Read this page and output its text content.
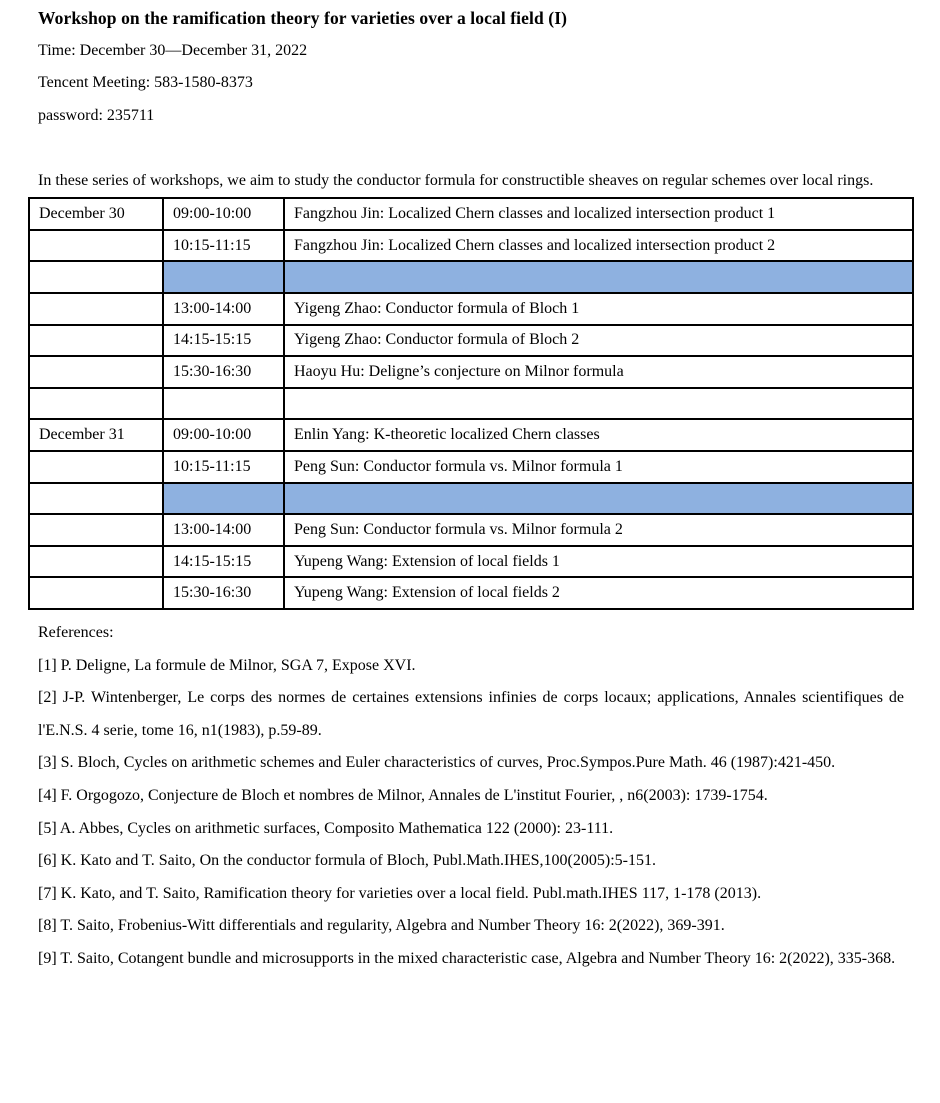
Workshop on the ramification theory for varieties over a local field (I)

Time: December 30—December 31, 2022

Tencent Meeting: 583-1580-8373

password: 235711

In these series of workshops, we aim to study the conductor formula for constructible sheaves on regular schemes over local rings.

December 30	09:00-10:00	Fangzhou Jin: Localized Chern classes and localized intersection product 1
	10:15-11:15	Fangzhou Jin: Localized Chern classes and localized intersection product 2

	13:00-14:00	Yigeng Zhao: Conductor formula of Bloch 1
	14:15-15:15	Yigeng Zhao: Conductor formula of Bloch 2
	15:30-16:30	Haoyu Hu: Deligne’s conjecture on Milnor formula

December 31	09:00-10:00	Enlin Yang: K-theoretic localized Chern classes
	10:15-11:15	Peng Sun: Conductor formula vs. Milnor formula 1

	13:00-14:00	Peng Sun: Conductor formula vs. Milnor formula 2
	14:15-15:15	Yupeng Wang: Extension of local fields 1
	15:30-16:30	Yupeng Wang: Extension of local fields 2

References:

[1] P. Deligne, La formule de Milnor, SGA 7, Expose XVI.

[2] J-P. Wintenberger, Le corps des normes de certaines extensions infinies de corps locaux; applications, Annales scientifiques de l'E.N.S. 4 serie, tome 16, n1(1983), p.59-89.

[3] S. Bloch, Cycles on arithmetic schemes and Euler characteristics of curves, Proc.Sympos.Pure Math. 46 (1987):421-450.

[4] F. Orgogozo, Conjecture de Bloch et nombres de Milnor, Annales de L'institut Fourier, , n6(2003): 1739-1754.

[5] A. Abbes, Cycles on arithmetic surfaces, Composito Mathematica 122 (2000): 23-111.

[6] K. Kato and T. Saito, On the conductor formula of Bloch, Publ.Math.IHES,100(2005):5-151.

[7] K. Kato, and T. Saito, Ramification theory for varieties over a local field. Publ.math.IHES 117, 1-178 (2013).

[8] T. Saito, Frobenius-Witt differentials and regularity, Algebra and Number Theory 16: 2(2022), 369-391.

[9] T. Saito, Cotangent bundle and microsupports in the mixed characteristic case, Algebra and Number Theory 16: 2(2022), 335-368.
